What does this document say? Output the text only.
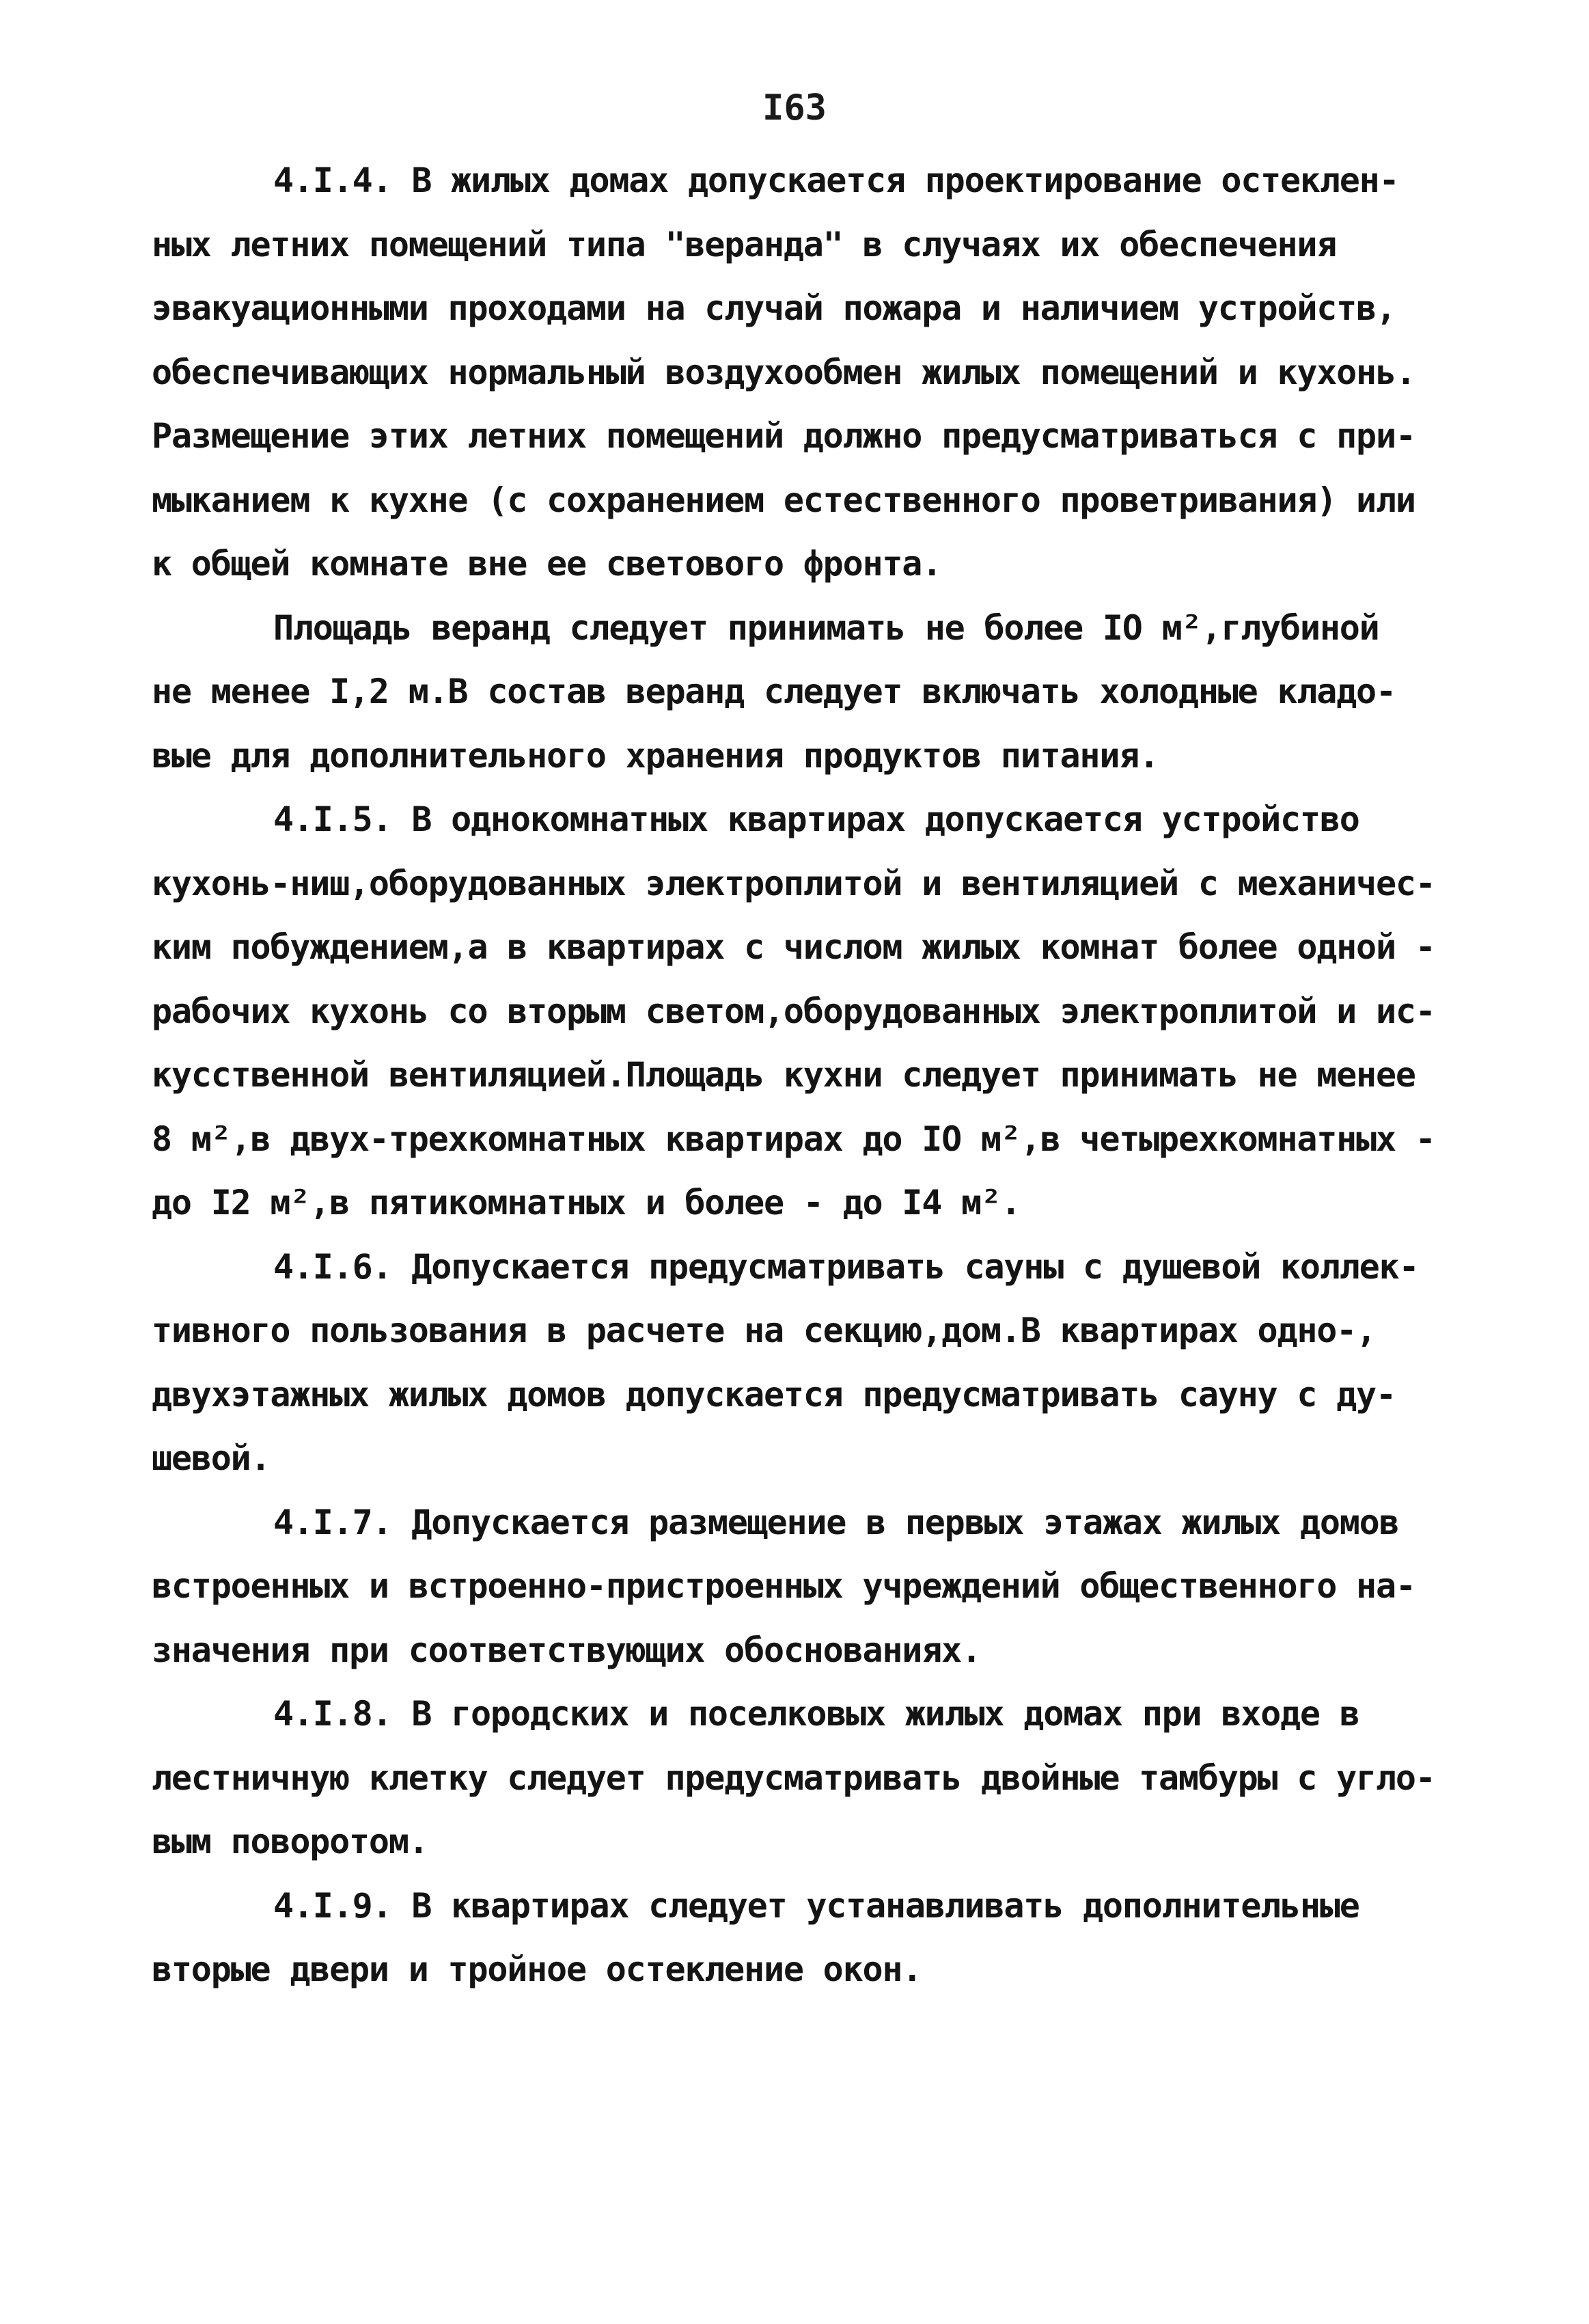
I63
4.I.4. В жилых домах допускается проектирование остеклен-
ных летних помещений типа "веранда" в случаях их обеспечения
эвакуационными проходами на случай пожара и наличием устройств,
обеспечивающих нормальный воздухообмен жилых помещений и кухонь.
Размещение этих летних помещений должно предусматриваться с при-
мыканием к кухне (с сохранением естественного проветривания) или
к общей комнате вне ее светового фронта.
Площадь веранд следует принимать не более IO м²,глубиной
не менее I,2 м.В состав веранд следует включать холодные кладо-
вые для дополнительного хранения продуктов питания.
4.I.5. В однокомнатных квартирах допускается устройство
кухонь-ниш,оборудованных электроплитой и вентиляцией с механичес-
ким побуждением,а в квартирах с числом жилых комнат более одной -
рабочих кухонь со вторым светом,оборудованных электроплитой и ис-
кусственной вентиляцией.Площадь кухни следует принимать не менее
8 м²,в двух-трехкомнатных квартирах до IO м²,в четырехкомнатных -
до I2 м²,в пятикомнатных и более - до I4 м².
4.I.6. Допускается предусматривать сауны с душевой коллек-
тивного пользования в расчете на секцию,дом.В квартирах одно-,
двухэтажных жилых домов допускается предусматривать сауну с ду-
шевой.
4.I.7. Допускается размещение в первых этажах жилых домов
встроенных и встроенно-пристроенных учреждений общественного на-
значения при соответствующих обоснованиях.
4.I.8. В городских и поселковых жилых домах при входе в
лестничную клетку следует предусматривать двойные тамбуры с угло-
вым поворотом.
4.I.9. В квартирах следует устанавливать дополнительные
вторые двери и тройное остекление окон.
